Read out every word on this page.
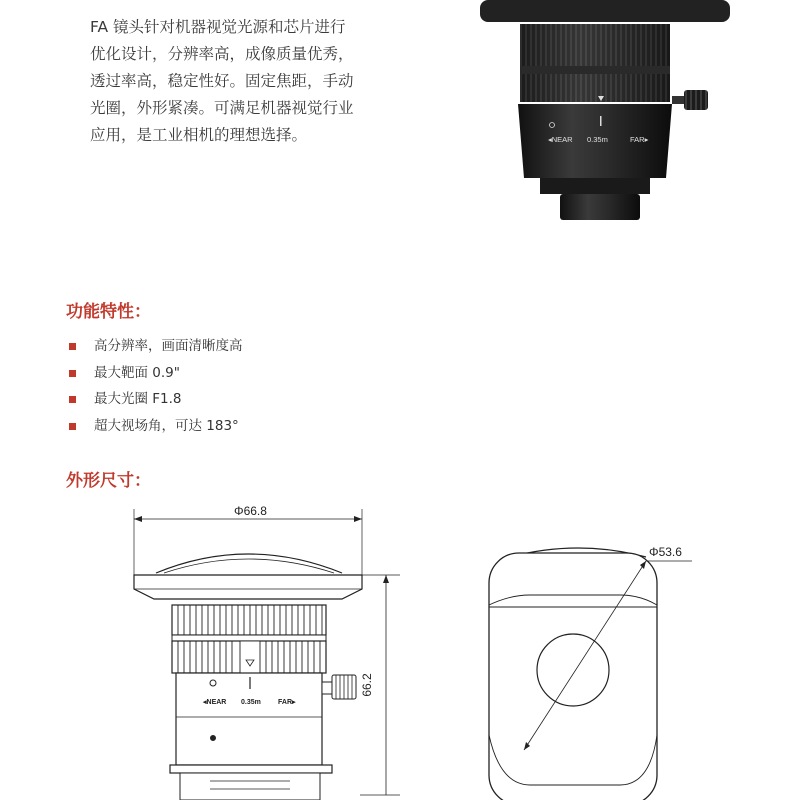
FA 镜头针对机器视觉光源和芯片进行

优化设计，分辨率高，成像质量优秀，

透过率高，稳定性好。固定焦距，手动

光圈，外形紧凑。可满足机器视觉行业

应用，是工业相机的理想选择。	◂NEAR 0.35m	FAR▸
功能特性：
高分辨率，画面清晰度高
最大靶面 0.9"
最大光圈 F1.8
超大视场角，可达 183°
外形尺寸：
Φ66.8
Φ53.6
66.2
◂NEAR 0.35m FAR▸
